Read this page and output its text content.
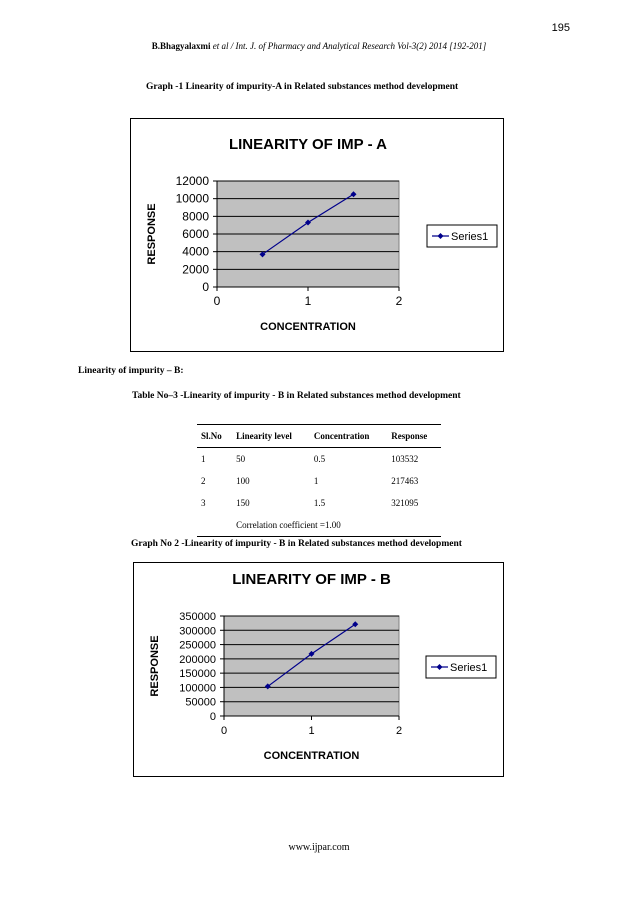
195
B.Bhagyalaxmi et al / Int. J. of Pharmacy and Analytical Research Vol-3(2) 2014 [192-201]
Graph -1 Linearity of impurity-A in Related substances method development
0
2000
4000
6000
8000
10000
12000
0	1	2
LINEARITY OF IMP - A
CONCENTRATION
RESPONSE	Series1
Linearity of impurity – B:
Table No–3 -Linearity of impurity - B in Related substances method development
Sl.No	Linearity level	Concentration	Response
1	50	0.5	103532
2	100	1	217463
3	150	1.5	321095
	Correlation coefficient =1.00		
Graph No 2 -Linearity of impurity - B in Related substances method development
0
50000
100000
150000
200000
250000
300000
350000
0	1	2
LINEARITY OF IMP - B
CONCENTRATION
RESPONSE	Series1
www.ijpar.com
